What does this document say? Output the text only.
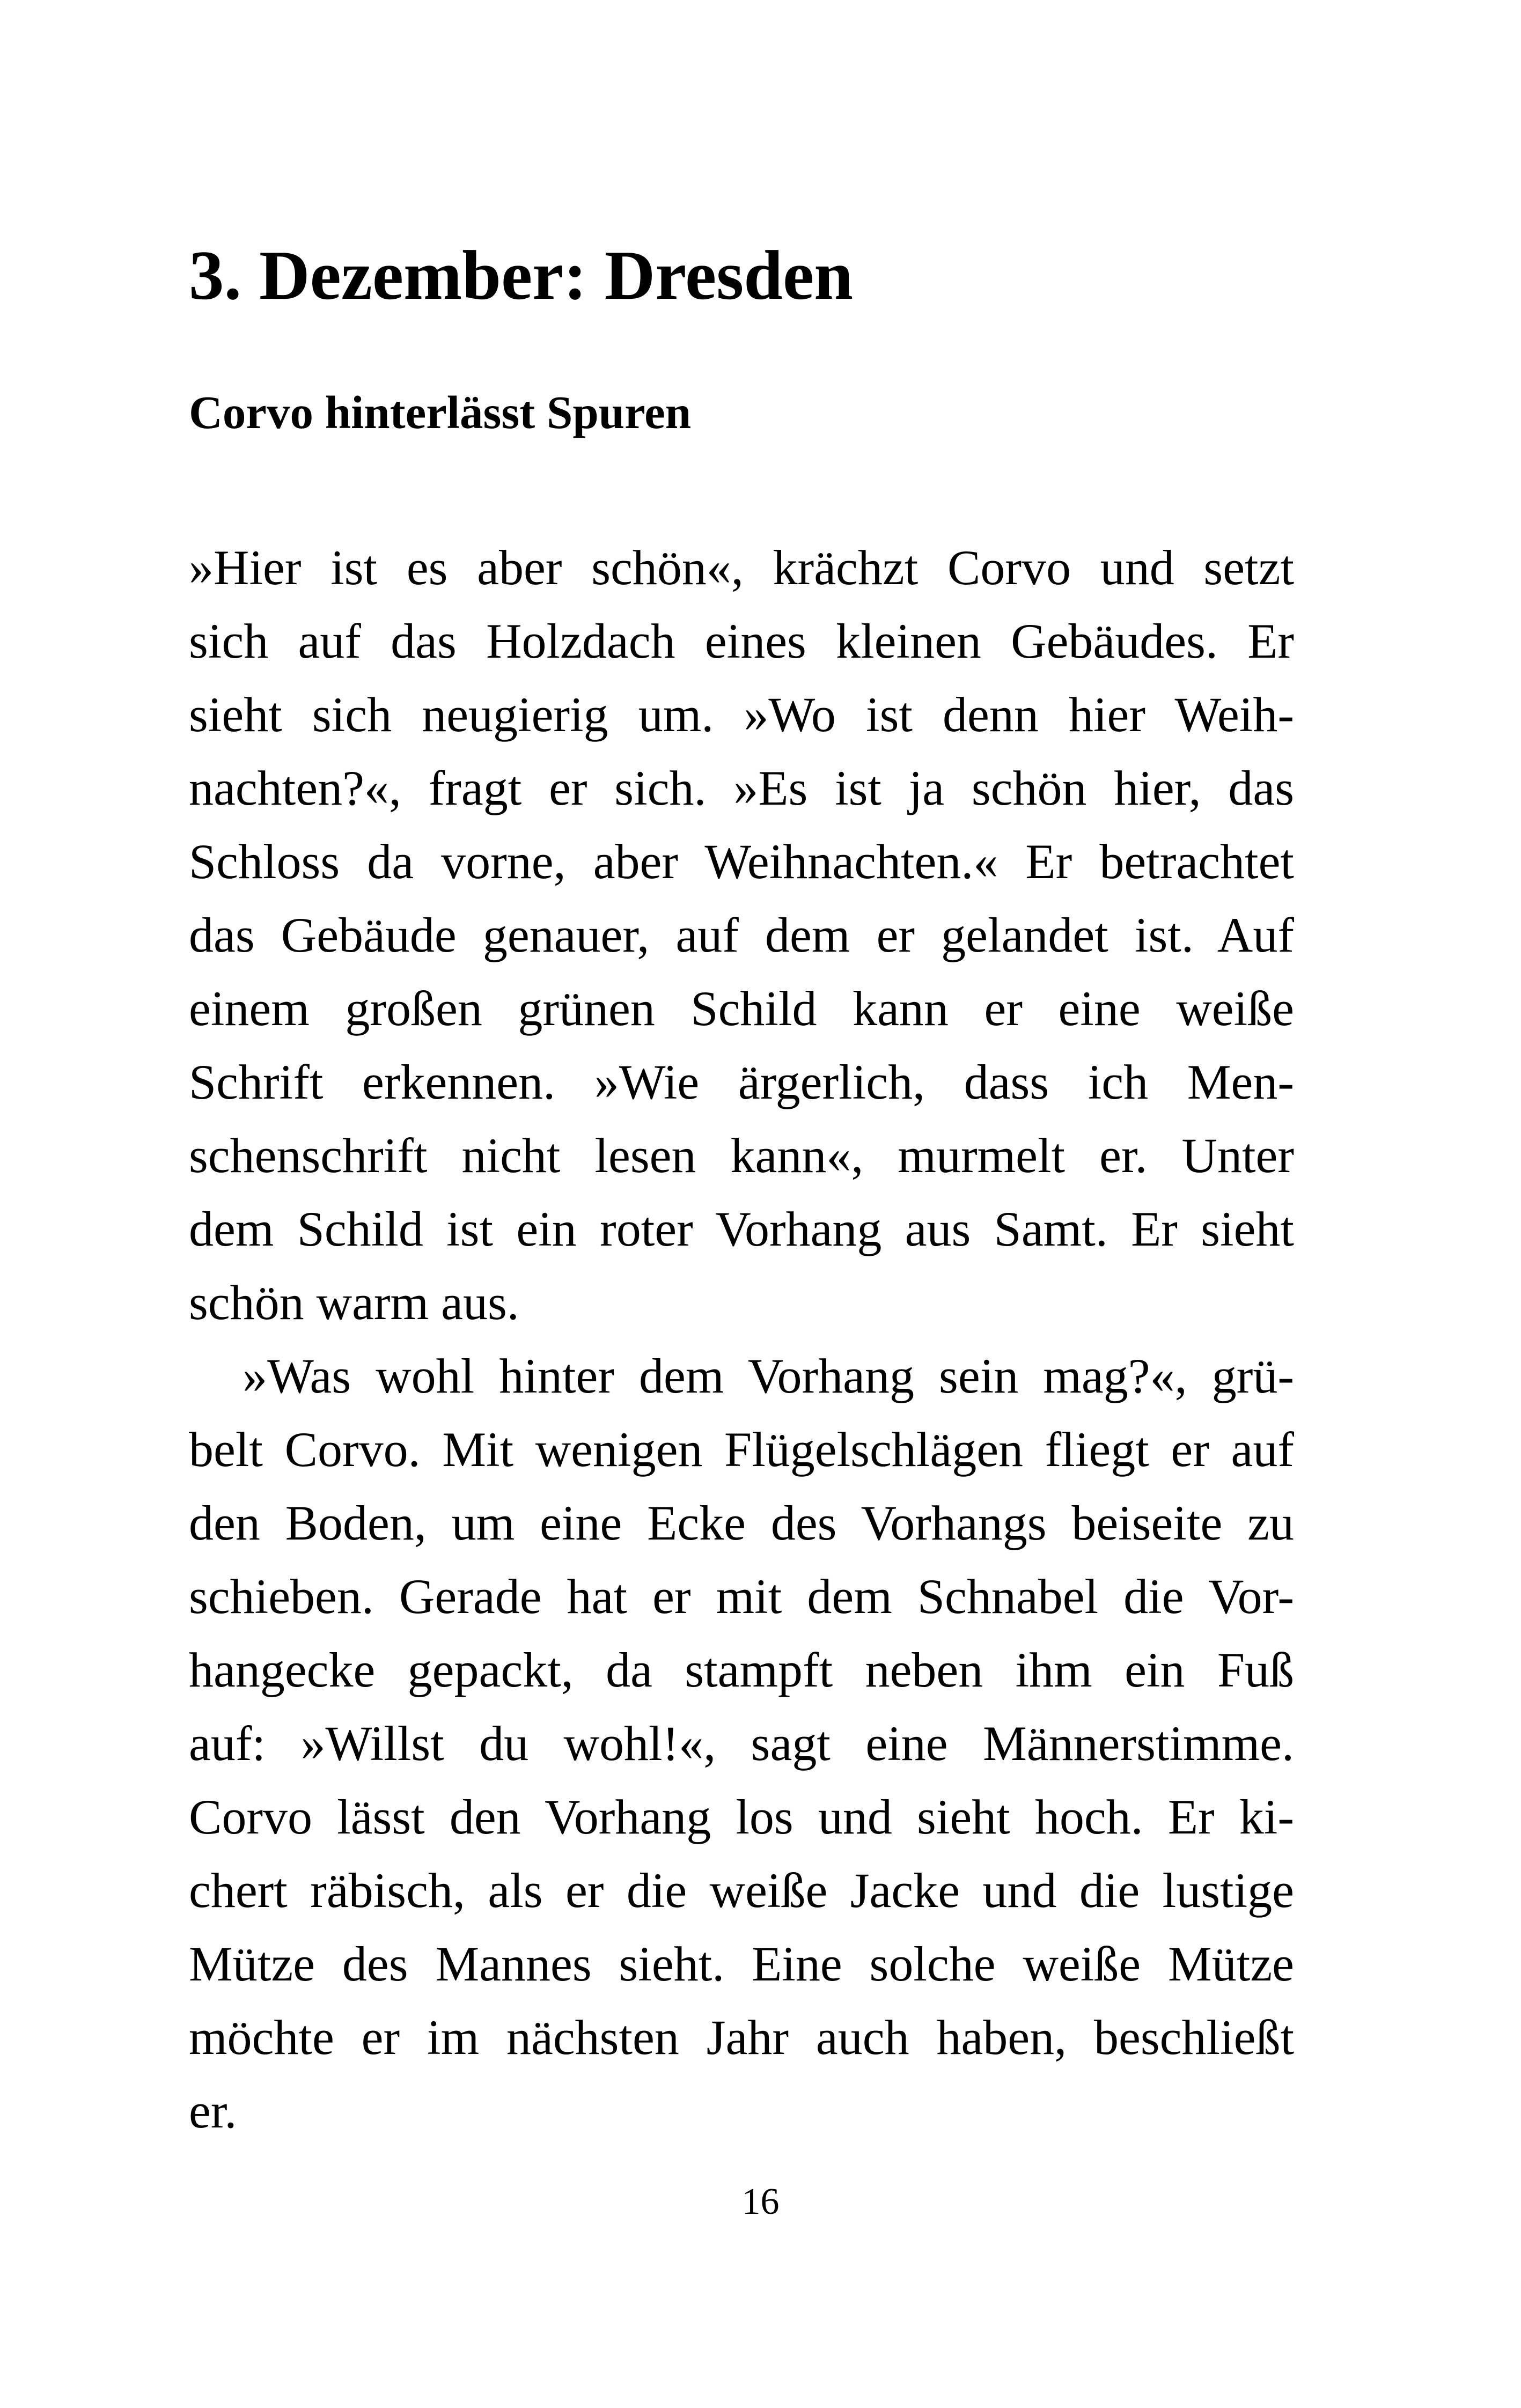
3. Dezember: Dresden
Corvo hinterlässt Spuren
»Hier ist es aber schön«, krächzt Corvo und setzt
sich auf das Holzdach eines kleinen Gebäudes. Er
sieht sich neugierig um. »Wo ist denn hier Weih-
nachten?«, fragt er sich. »Es ist ja schön hier, das
Schloss da vorne, aber Weihnachten.« Er betrachtet
das Gebäude genauer, auf dem er gelandet ist. Auf
einem großen grünen Schild kann er eine weiße
Schrift erkennen. »Wie ärgerlich, dass ich Men-
schenschrift nicht lesen kann«, murmelt er. Unter
dem Schild ist ein roter Vorhang aus Samt. Er sieht
schön warm aus.
»Was wohl hinter dem Vorhang sein mag?«, grü-
belt Corvo. Mit wenigen Flügelschlägen fliegt er auf
den Boden, um eine Ecke des Vorhangs beiseite zu
schieben. Gerade hat er mit dem Schnabel die Vor-
hangecke gepackt, da stampft neben ihm ein Fuß
auf: »Willst du wohl!«, sagt eine Männerstimme.
Corvo lässt den Vorhang los und sieht hoch. Er ki-
chert räbisch, als er die weiße Jacke und die lustige
Mütze des Mannes sieht. Eine solche weiße Mütze
möchte er im nächsten Jahr auch haben, beschließt
er.
16
